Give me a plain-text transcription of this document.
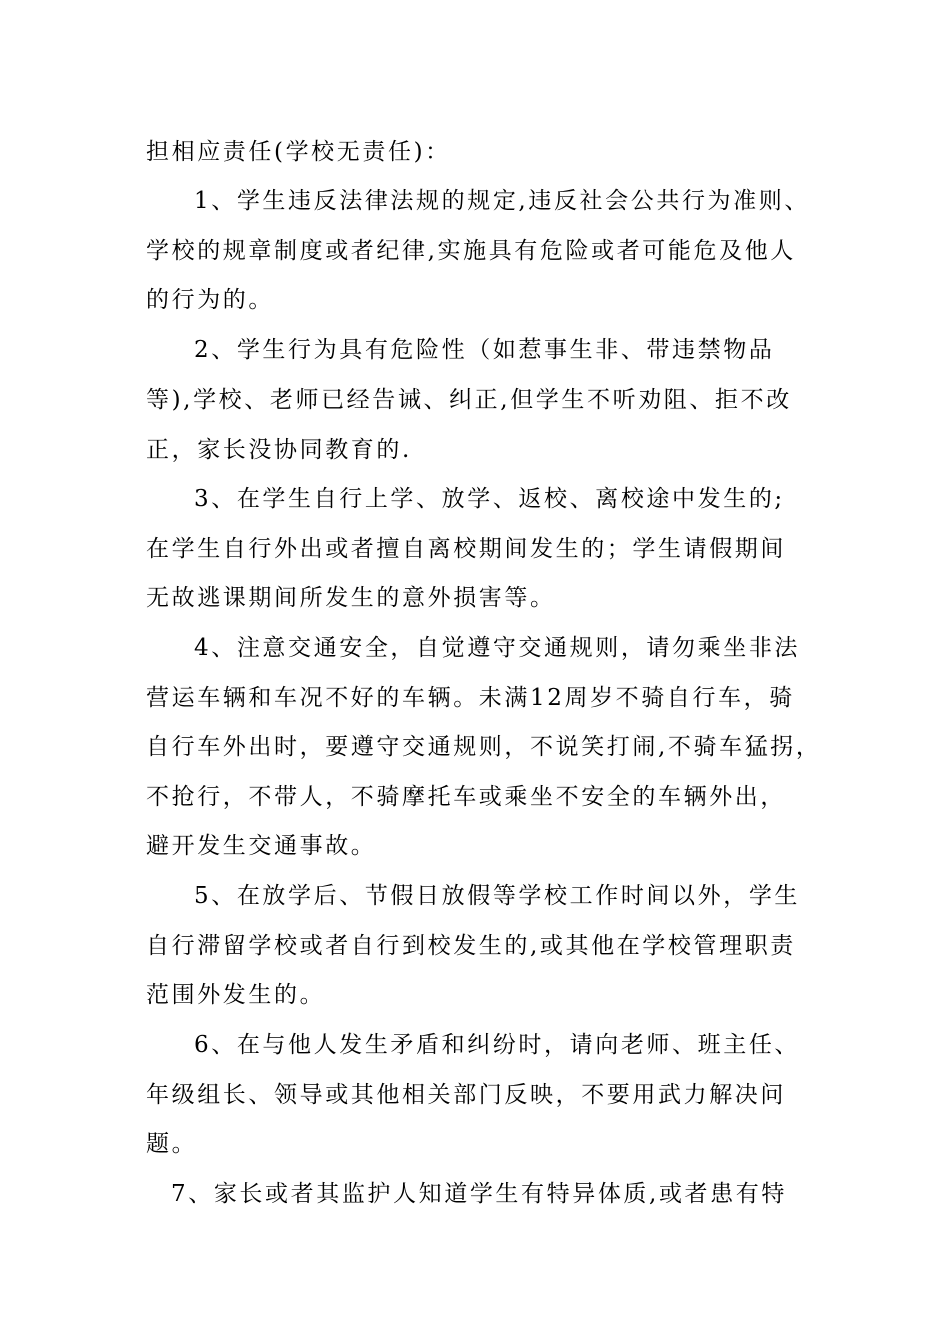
担相应责任(学校无责任)：
1、学生违反法律法规的规定,违反社会公共行为准则、
学校的规章制度或者纪律,实施具有危险或者可能危及他人
的行为的。
2、学生行为具有危险性（如惹事生非、带违禁物品
等),学校、老师已经告诫、纠正,但学生不听劝阻、拒不改
正，家长没协同教育的.
3、在学生自行上学、放学、返校、离校途中发生的;
在学生自行外出或者擅自离校期间发生的；学生请假期间
无故逃课期间所发生的意外损害等。
4、注意交通安全，自觉遵守交通规则，请勿乘坐非法
营运车辆和车况不好的车辆。未满12周岁不骑自行车，骑
自行车外出时，要遵守交通规则，不说笑打闹,不骑车猛拐，
不抢行，不带人，不骑摩托车或乘坐不安全的车辆外出，
避开发生交通事故。
5、在放学后、节假日放假等学校工作时间以外，学生
自行滞留学校或者自行到校发生的,或其他在学校管理职责
范围外发生的。
6、在与他人发生矛盾和纠纷时，请向老师、班主任、
年级组长、领导或其他相关部门反映，不要用武力解决问
题。
7、家长或者其监护人知道学生有特异体质,或者患有特
